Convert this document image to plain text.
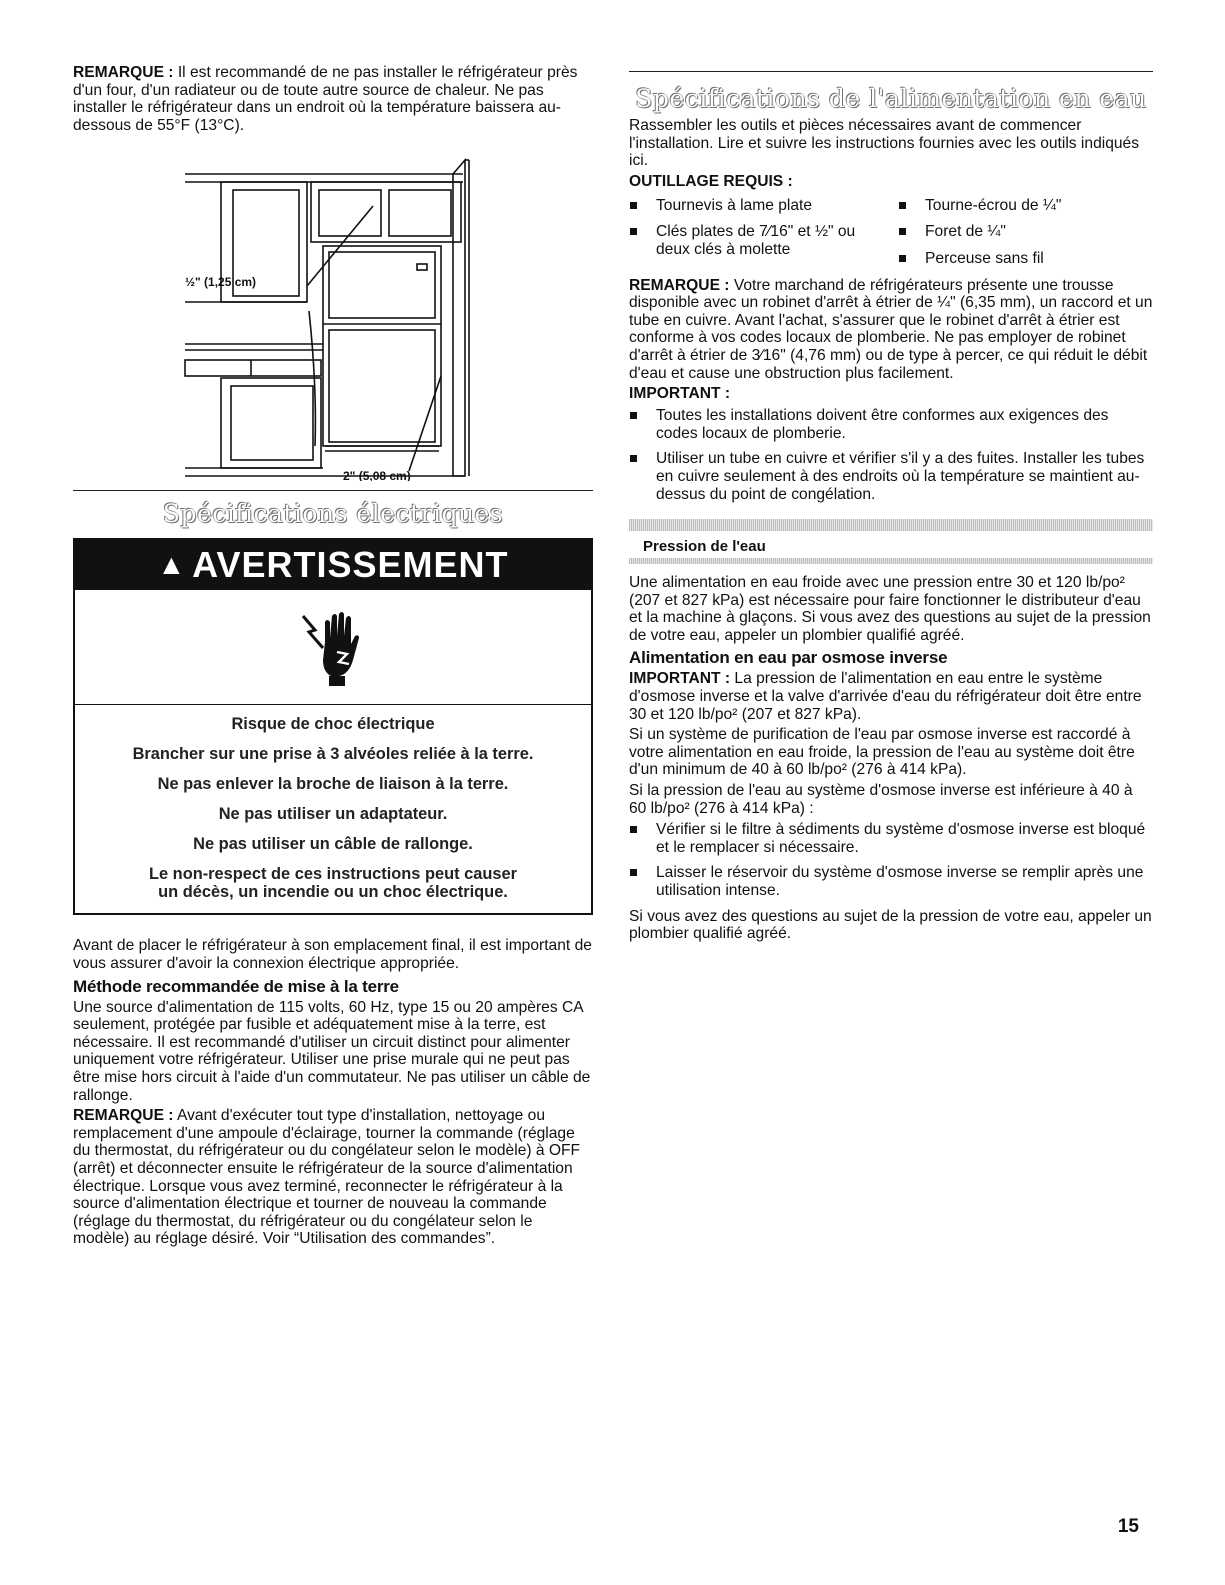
REMARQUE : Il est recommandé de ne pas installer le réfrigérateur près d'un four, d'un radiateur ou de toute autre source de chaleur. Ne pas installer le réfrigérateur dans un endroit où la température baissera au-dessous de 55°F (13°C).

½" (1,25 cm)
2" (5,08 cm)
Spécifications électriques
▲ AVERTISSEMENT
Risque de choc électrique
Brancher sur une prise à 3 alvéoles reliée à la terre.
Ne pas enlever la broche de liaison à la terre.
Ne pas utiliser un adaptateur.
Ne pas utiliser un câble de rallonge.
Le non-respect de ces instructions peut causer
un décès, un incendie ou un choc électrique.

Avant de placer le réfrigérateur à son emplacement final, il est important de vous assurer d'avoir la connexion électrique appropriée.

Méthode recommandée de mise à la terre

Une source d'alimentation de 115 volts, 60 Hz, type 15 ou 20 ampères CA seulement, protégée par fusible et adéquatement mise à la terre, est nécessaire. Il est recommandé d'utiliser un circuit distinct pour alimenter uniquement votre réfrigérateur. Utiliser une prise murale qui ne peut pas être mise hors circuit à l'aide d'un commutateur. Ne pas utiliser un câble de rallonge.

REMARQUE : Avant d'exécuter tout type d'installation, nettoyage ou remplacement d'une ampoule d'éclairage, tourner la commande (réglage du thermostat, du réfrigérateur ou du congélateur selon le modèle) à OFF (arrêt) et déconnecter ensuite le réfrigérateur de la source d'alimentation électrique. Lorsque vous avez terminé, reconnecter le réfrigérateur à la source d'alimentation électrique et tourner de nouveau la commande (réglage du thermostat, du réfrigérateur ou du congélateur selon le modèle) au réglage désiré. Voir “Utilisation des commandes”.

Spécifications de l'alimentation en eau

Rassembler les outils et pièces nécessaires avant de commencer l'installation. Lire et suivre les instructions fournies avec les outils indiqués ici.

OUTILLAGE REQUIS :
Tournevis à lame plate
Clés plates de 7⁄16" et ½" ou deux clés à molette
Tourne-écrou de ¼"
Foret de ¼"
Perceuse sans fil

REMARQUE : Votre marchand de réfrigérateurs présente une trousse disponible avec un robinet d'arrêt à étrier de ¼" (6,35 mm), un raccord et un tube en cuivre. Avant l'achat, s'assurer que le robinet d'arrêt à étrier est conforme à vos codes locaux de plomberie. Ne pas employer de robinet d'arrêt à étrier de 3⁄16" (4,76 mm) ou de type à percer, ce qui réduit le débit d'eau et cause une obstruction plus facilement.

IMPORTANT :
Toutes les installations doivent être conformes aux exigences des codes locaux de plomberie.
Utiliser un tube en cuivre et vérifier s'il y a des fuites. Installer les tubes en cuivre seulement à des endroits où la température se maintient au-dessus du point de congélation.
Pression de l'eau

Une alimentation en eau froide avec une pression entre 30 et 120 lb/po² (207 et 827 kPa) est nécessaire pour faire fonctionner le distributeur d'eau et la machine à glaçons. Si vous avez des questions au sujet de la pression de votre eau, appeler un plombier qualifié agréé.

Alimentation en eau par osmose inverse

IMPORTANT : La pression de l'alimentation en eau entre le système d'osmose inverse et la valve d'arrivée d'eau du réfrigérateur doit être entre 30 et 120 lb/po² (207 et 827 kPa).

Si un système de purification de l'eau par osmose inverse est raccordé à votre alimentation en eau froide, la pression de l'eau au système doit être d'un minimum de 40 à 60 lb/po² (276 à 414 kPa).

Si la pression de l'eau au système d'osmose inverse est inférieure à 40 à 60 lb/po² (276 à 414 kPa) :

Vérifier si le filtre à sédiments du système d'osmose inverse est bloqué et le remplacer si nécessaire.
Laisser le réservoir du système d'osmose inverse se remplir après une utilisation intense.

Si vous avez des questions au sujet de la pression de votre eau, appeler un plombier qualifié agréé.

15
